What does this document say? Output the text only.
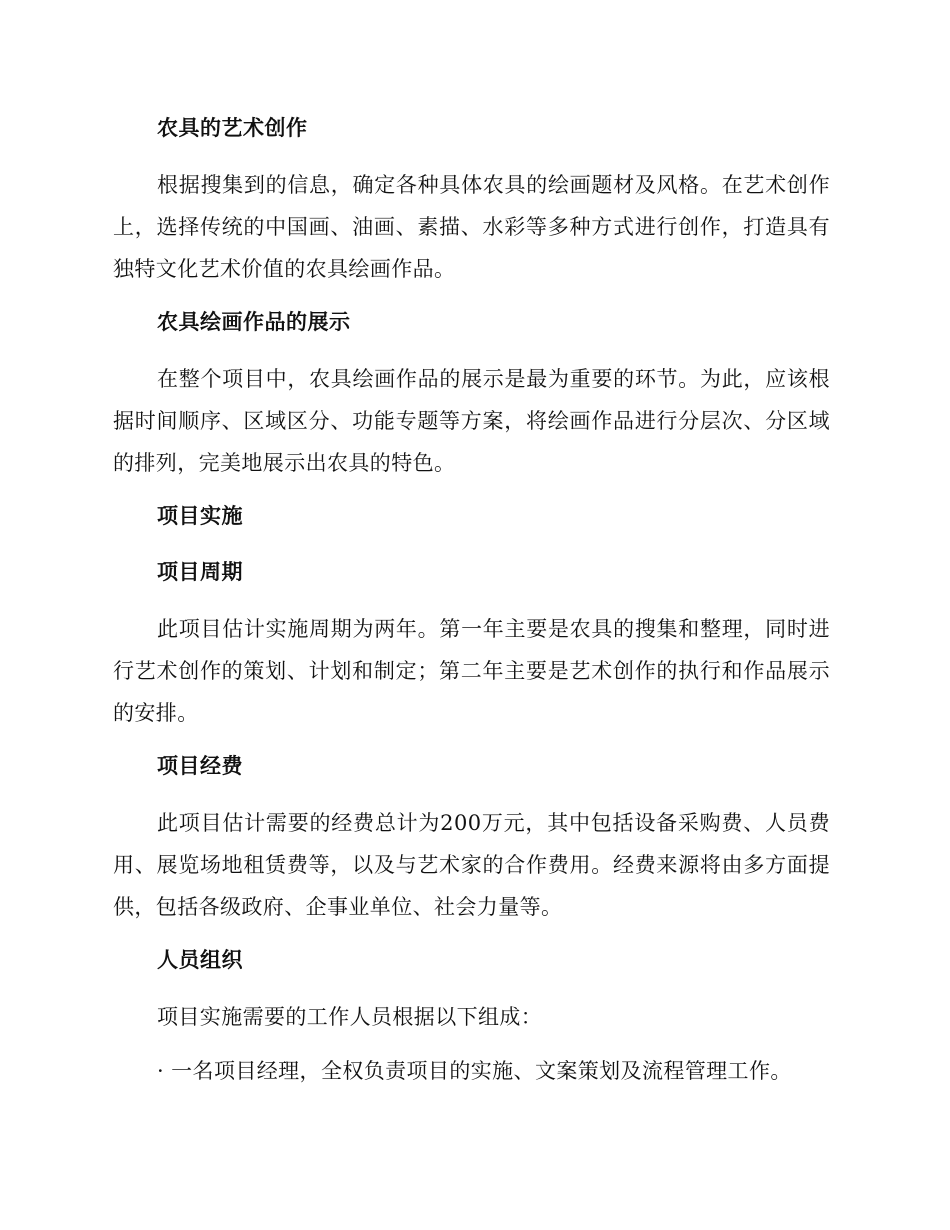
农具的艺术创作

根据搜集到的信息，确定各种具体农具的绘画题材及风格。在艺术创作上，选择传统的中国画、油画、素描、水彩等多种方式进行创作，打造具有独特文化艺术价值的农具绘画作品。

农具绘画作品的展示

在整个项目中，农具绘画作品的展示是最为重要的环节。为此，应该根据时间顺序、区域区分、功能专题等方案，将绘画作品进行分层次、分区域的排列，完美地展示出农具的特色。

项目实施
项目周期

此项目估计实施周期为两年。第一年主要是农具的搜集和整理，同时进行艺术创作的策划、计划和制定；第二年主要是艺术创作的执行和作品展示的安排。

项目经费

此项目估计需要的经费总计为200万元，其中包括设备采购费、人员费用、展览场地租赁费等，以及与艺术家的合作费用。经费来源将由多方面提供，包括各级政府、企事业单位、社会力量等。

人员组织

项目实施需要的工作人员根据以下组成：

· 一名项目经理，全权负责项目的实施、文案策划及流程管理工作。
